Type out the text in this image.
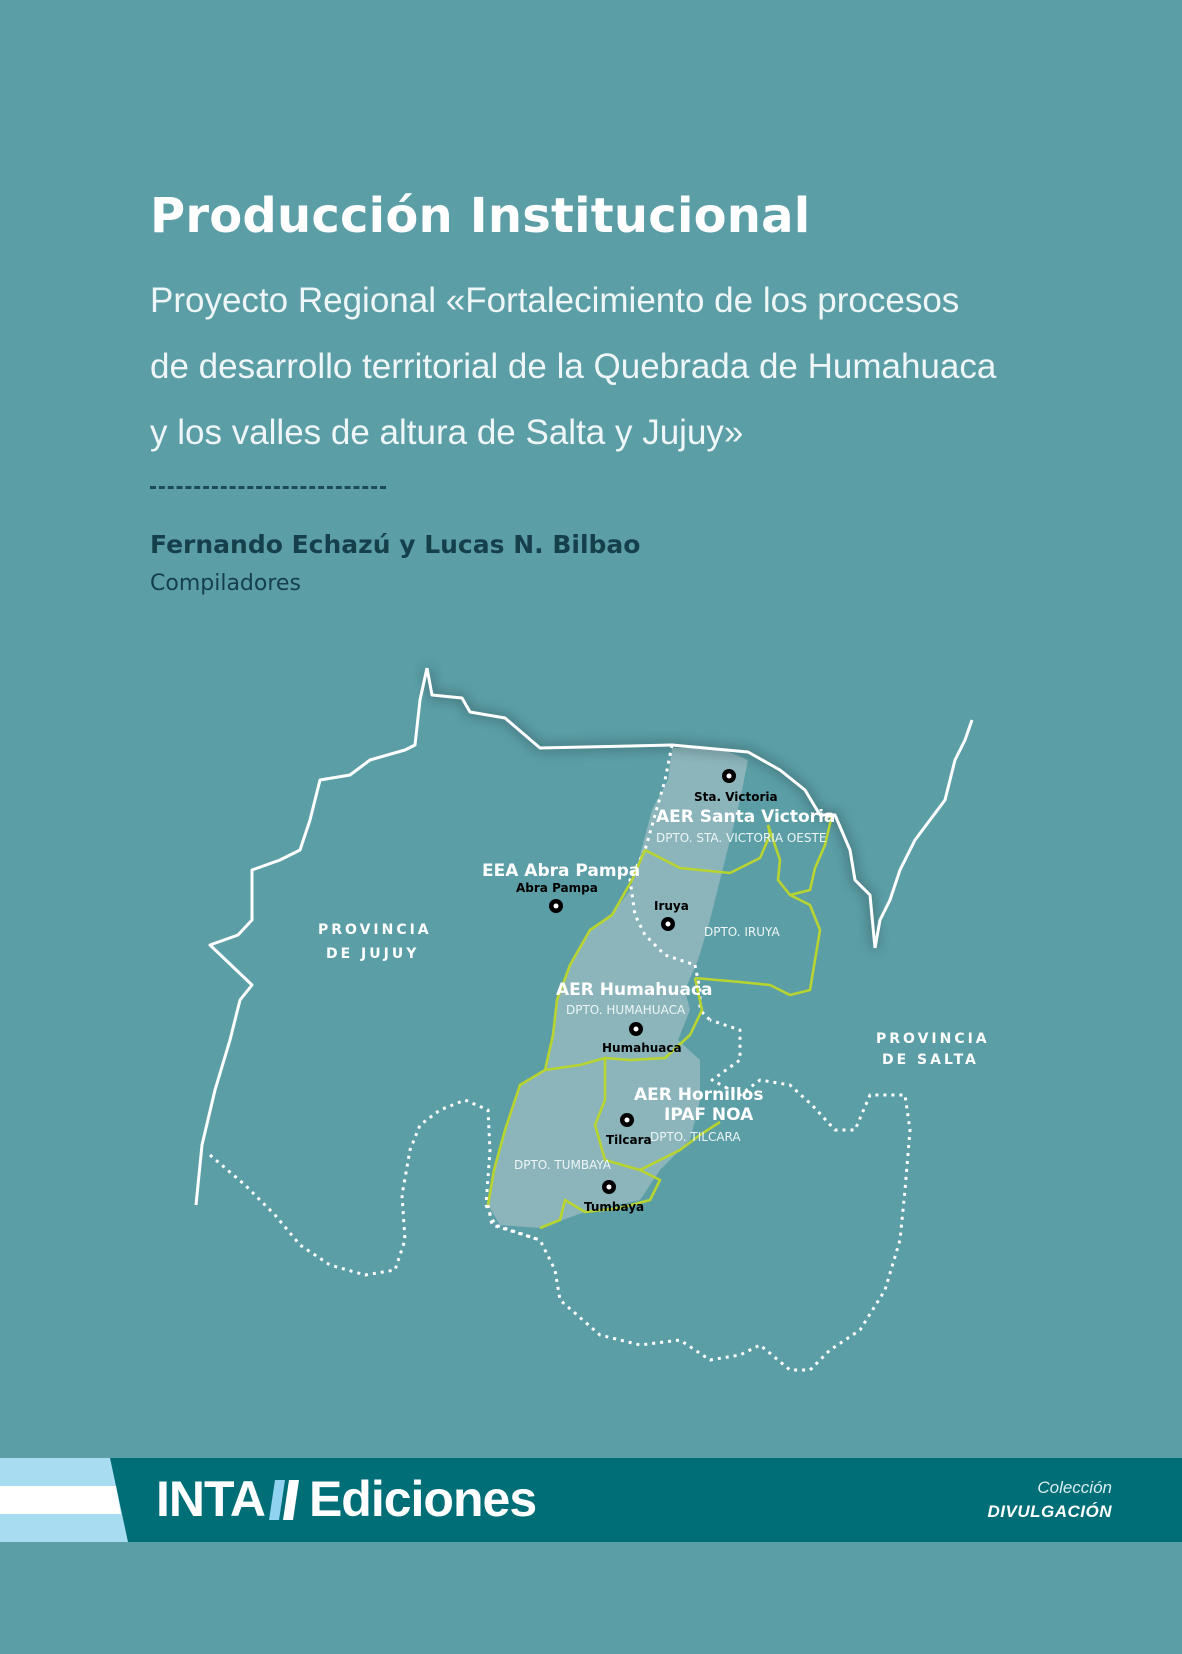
Producción Institucional
Proyecto Regional «Fortalecimiento de los procesos
de desarrollo territorial de la Quebrada de Humahuaca
y los valles de altura de Salta y Jujuy»
Fernando Echazú y Lucas N. Bilbao
Compiladores
Sta. Victoria
AER Santa Victoria
DPTO. STA. VICTORIA OESTE
EEA Abra Pampa
Abra Pampa
Iruya
DPTO. IRUYA
PROVINCIA
DE JUJUY
AER Humahuaca
DPTO. HUMAHUACA
Humahuaca
PROVINCIA
DE SALTA
AER Hornillos
IPAF NOA
Tilcara
DPTO. TILCARA
DPTO. TUMBAYA
Tumbaya
INTA Ediciones	Colección
DIVULGACIÓN
